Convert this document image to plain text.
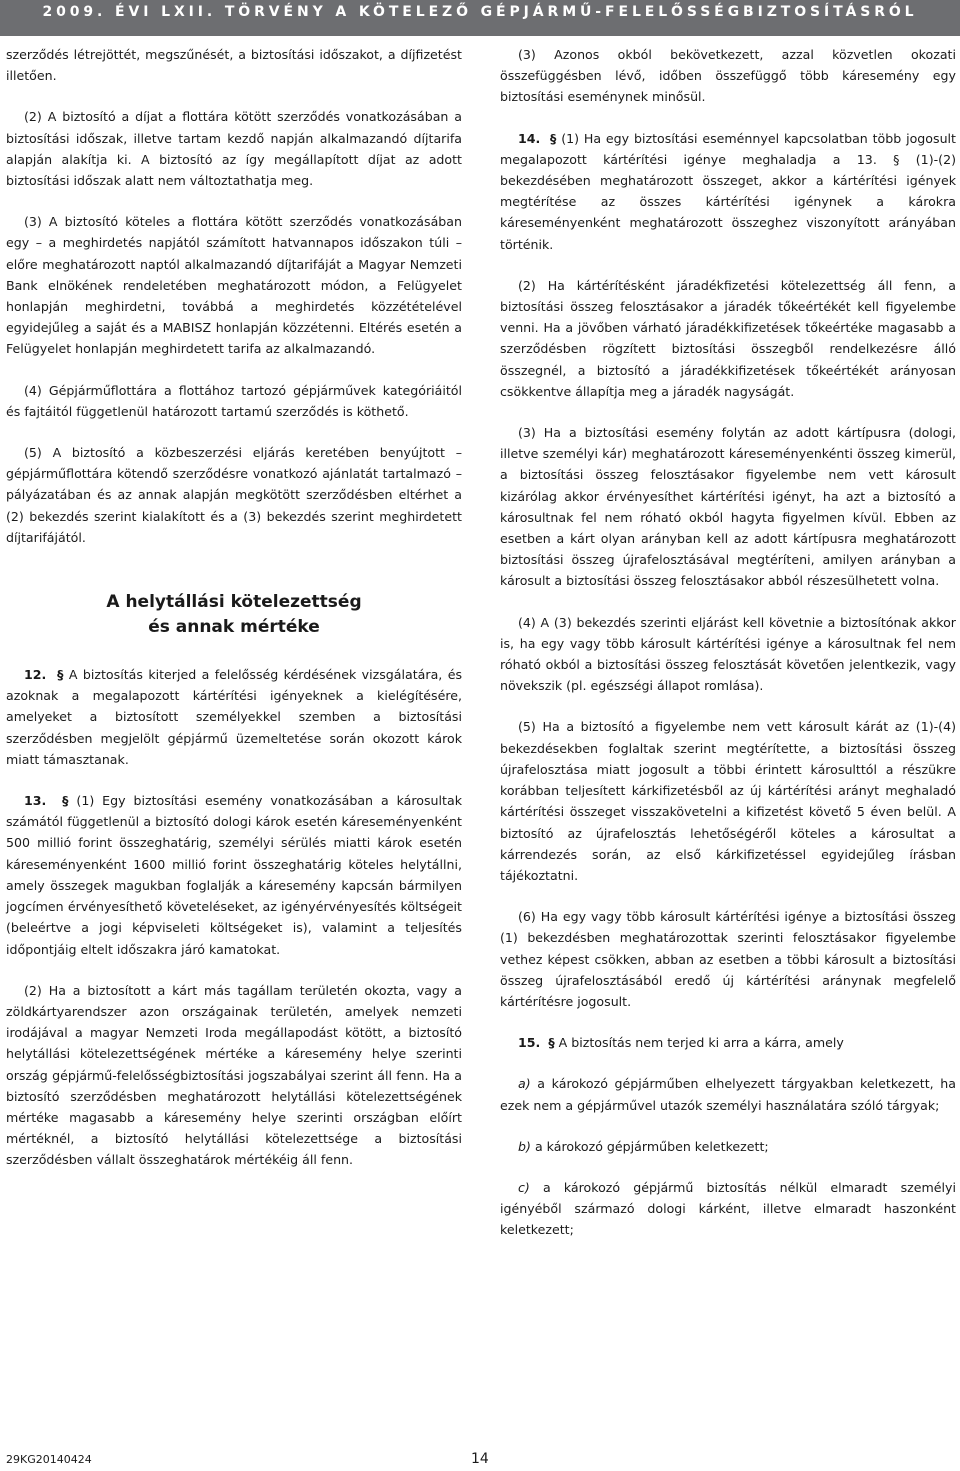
2009. ÉVI LXII. TÖRVÉNY A KÖTELEZŐ GÉPJÁRMŰ-FELELŐSSÉGBIZTOSÍTÁSRÓL

szerződés létrejöttét, megszűnését, a biztosítási időszakot, a díjfizetést illetően.

(2) A biztosító a díjat a flottára kötött szerződés vonatkozásában a biztosítási időszak, illetve tartam kezdő napján alkalmazandó díjtarifa alapján alakítja ki. A biztosító az így megállapított díjat az adott biztosítási időszak alatt nem változtathatja meg.

(3) A biztosító köteles a flottára kötött szerződés vonatkozásában egy – a meghirdetés napjától számított hatvannapos időszakon túli – előre meghatározott naptól alkalmazandó díjtarifáját a Magyar Nemzeti Bank elnökének rendeletében meghatározott módon, a Felügyelet honlapján meghirdetni, továbbá a meghirdetés közzétételével egyidejűleg a saját és a MABISZ honlapján közzétenni. Eltérés esetén a Felügyelet honlapján meghirdetett tarifa az alkalmazandó.

(4) Gépjárműflottára a flottához tartozó gépjárművek kategóriáitól és fajtáitól függetlenül határozott tartamú szerződés is köthető.

(5) A biztosító a közbeszerzési eljárás keretében benyújtott – gépjárműflottára kötendő szerződésre vonatkozó ajánlatát tartalmazó – pályázatában és az annak alapján megkötött szerződésben eltérhet a (2) bekezdés szerint kialakított és a (3) bekezdés szerint meghirdetett díjtarifájától.

A helytállási kötelezettség
és annak mértéke

12. § A biztosítás kiterjed a felelősség kérdésének vizsgálatára, és azoknak a megalapozott kártérítési igényeknek a kielégítésére, amelyeket a biztosított személyekkel szemben a biztosítási szerződésben megjelölt gépjármű üzemeltetése során okozott károk miatt támasztanak.

13. § (1) Egy biztosítási esemény vonatkozásában a károsultak számától függetlenül a biztosító dologi károk esetén káreseményenként 500 millió forint összeghatárig, személyi sérülés miatti károk esetén káreseményenként 1600 millió forint összeghatárig köteles helytállni, amely összegek magukban foglalják a káresemény kapcsán bármilyen jogcímen érvényesíthető követeléseket, az igényérvényesítés költségeit (beleértve a jogi képviseleti költségeket is), valamint a teljesítés időpontjáig eltelt időszakra járó kamatokat.

(2) Ha a biztosított a kárt más tagállam területén okozta, vagy a zöldkártyarendszer azon országainak területén, amelyek nemzeti irodájával a magyar Nemzeti Iroda megállapodást kötött, a biztosító helytállási kötelezettségének mértéke a káresemény helye szerinti ország gépjármű-felelősségbiztosítási jogszabályai szerint áll fenn. Ha a biztosító szerződésben meghatározott helytállási kötelezettségének mértéke magasabb a káresemény helye szerinti országban előírt mértéknél, a biztosító helytállási kötelezettsége a biztosítási szerződésben vállalt összeghatárok mértékéig áll fenn.

(3) Azonos okból bekövetkezett, azzal közvetlen okozati összefüggésben lévő, időben összefüggő több káresemény egy biztosítási eseménynek minősül.

14. § (1) Ha egy biztosítási eseménnyel kapcsolatban több jogosult megalapozott kártérítési igénye meghaladja a 13. § (1)-(2) bekezdésében meghatározott összeget, akkor a kártérítési igények megtérítése az összes kártérítési igénynek a károkra káreseményenként meghatározott összeghez viszonyított arányában történik.

(2) Ha kártérítésként járadékfizetési kötelezettség áll fenn, a biztosítási összeg felosztásakor a járadék tőkeértékét kell figyelembe venni. Ha a jövőben várható járadékkifizetések tőkeértéke magasabb a szerződésben rögzített biztosítási összegből rendelkezésre álló összegnél, a biztosító a járadékkifizetések tőkeértékét arányosan csökkentve állapítja meg a járadék nagyságát.

(3) Ha a biztosítási esemény folytán az adott kártípusra (dologi, illetve személyi kár) meghatározott káreseményenkénti összeg kimerül, a biztosítási összeg felosztásakor figyelembe nem vett károsult kizárólag akkor érvényesíthet kártérítési igényt, ha azt a biztosító a károsultnak fel nem róható okból hagyta figyelmen kívül. Ebben az esetben a kárt olyan arányban kell az adott kártípusra meghatározott biztosítási összeg újrafelosztásával megtéríteni, amilyen arányban a károsult a biztosítási összeg felosztásakor abból részesülhetett volna.

(4) A (3) bekezdés szerinti eljárást kell követnie a biztosítónak akkor is, ha egy vagy több károsult kártérítési igénye a károsultnak fel nem róható okból a biztosítási összeg felosztását követően jelentkezik, vagy növekszik (pl. egészségi állapot romlása).

(5) Ha a biztosító a figyelembe nem vett károsult kárát az (1)-(4) bekezdésekben foglaltak szerint megtérítette, a biztosítási összeg újrafelosztása miatt jogosult a többi érintett károsulttól a részükre korábban teljesített kárkifizetésből az új kártérítési arányt meghaladó kártérítési összeget visszakövetelni a kifizetést követő 5 éven belül. A biztosító az újrafelosztás lehetőségéről köteles a károsultat a kárrendezés során, az első kárkifizetéssel egyidejűleg írásban tájékoztatni.

(6) Ha egy vagy több károsult kártérítési igénye a biztosítási összeg (1) bekezdésben meghatározottak szerinti felosztásakor figyelembe vethez képest csökken, abban az esetben a többi károsult a biztosítási összeg újrafelosztásából eredő új kártérítési aránynak megfelelő kártérítésre jogosult.

15. § A biztosítás nem terjed ki arra a kárra, amely

a) a károkozó gépjárműben elhelyezett tárgyakban keletkezett, ha ezek nem a gépjárművel utazók személyi használatára szóló tárgyak;

b) a károkozó gépjárműben keletkezett;

c) a károkozó gépjármű biztosítás nélkül elmaradt személyi igényéből származó dologi kárként, illetve elmaradt haszonként keletkezett;

29KG20140424	14
